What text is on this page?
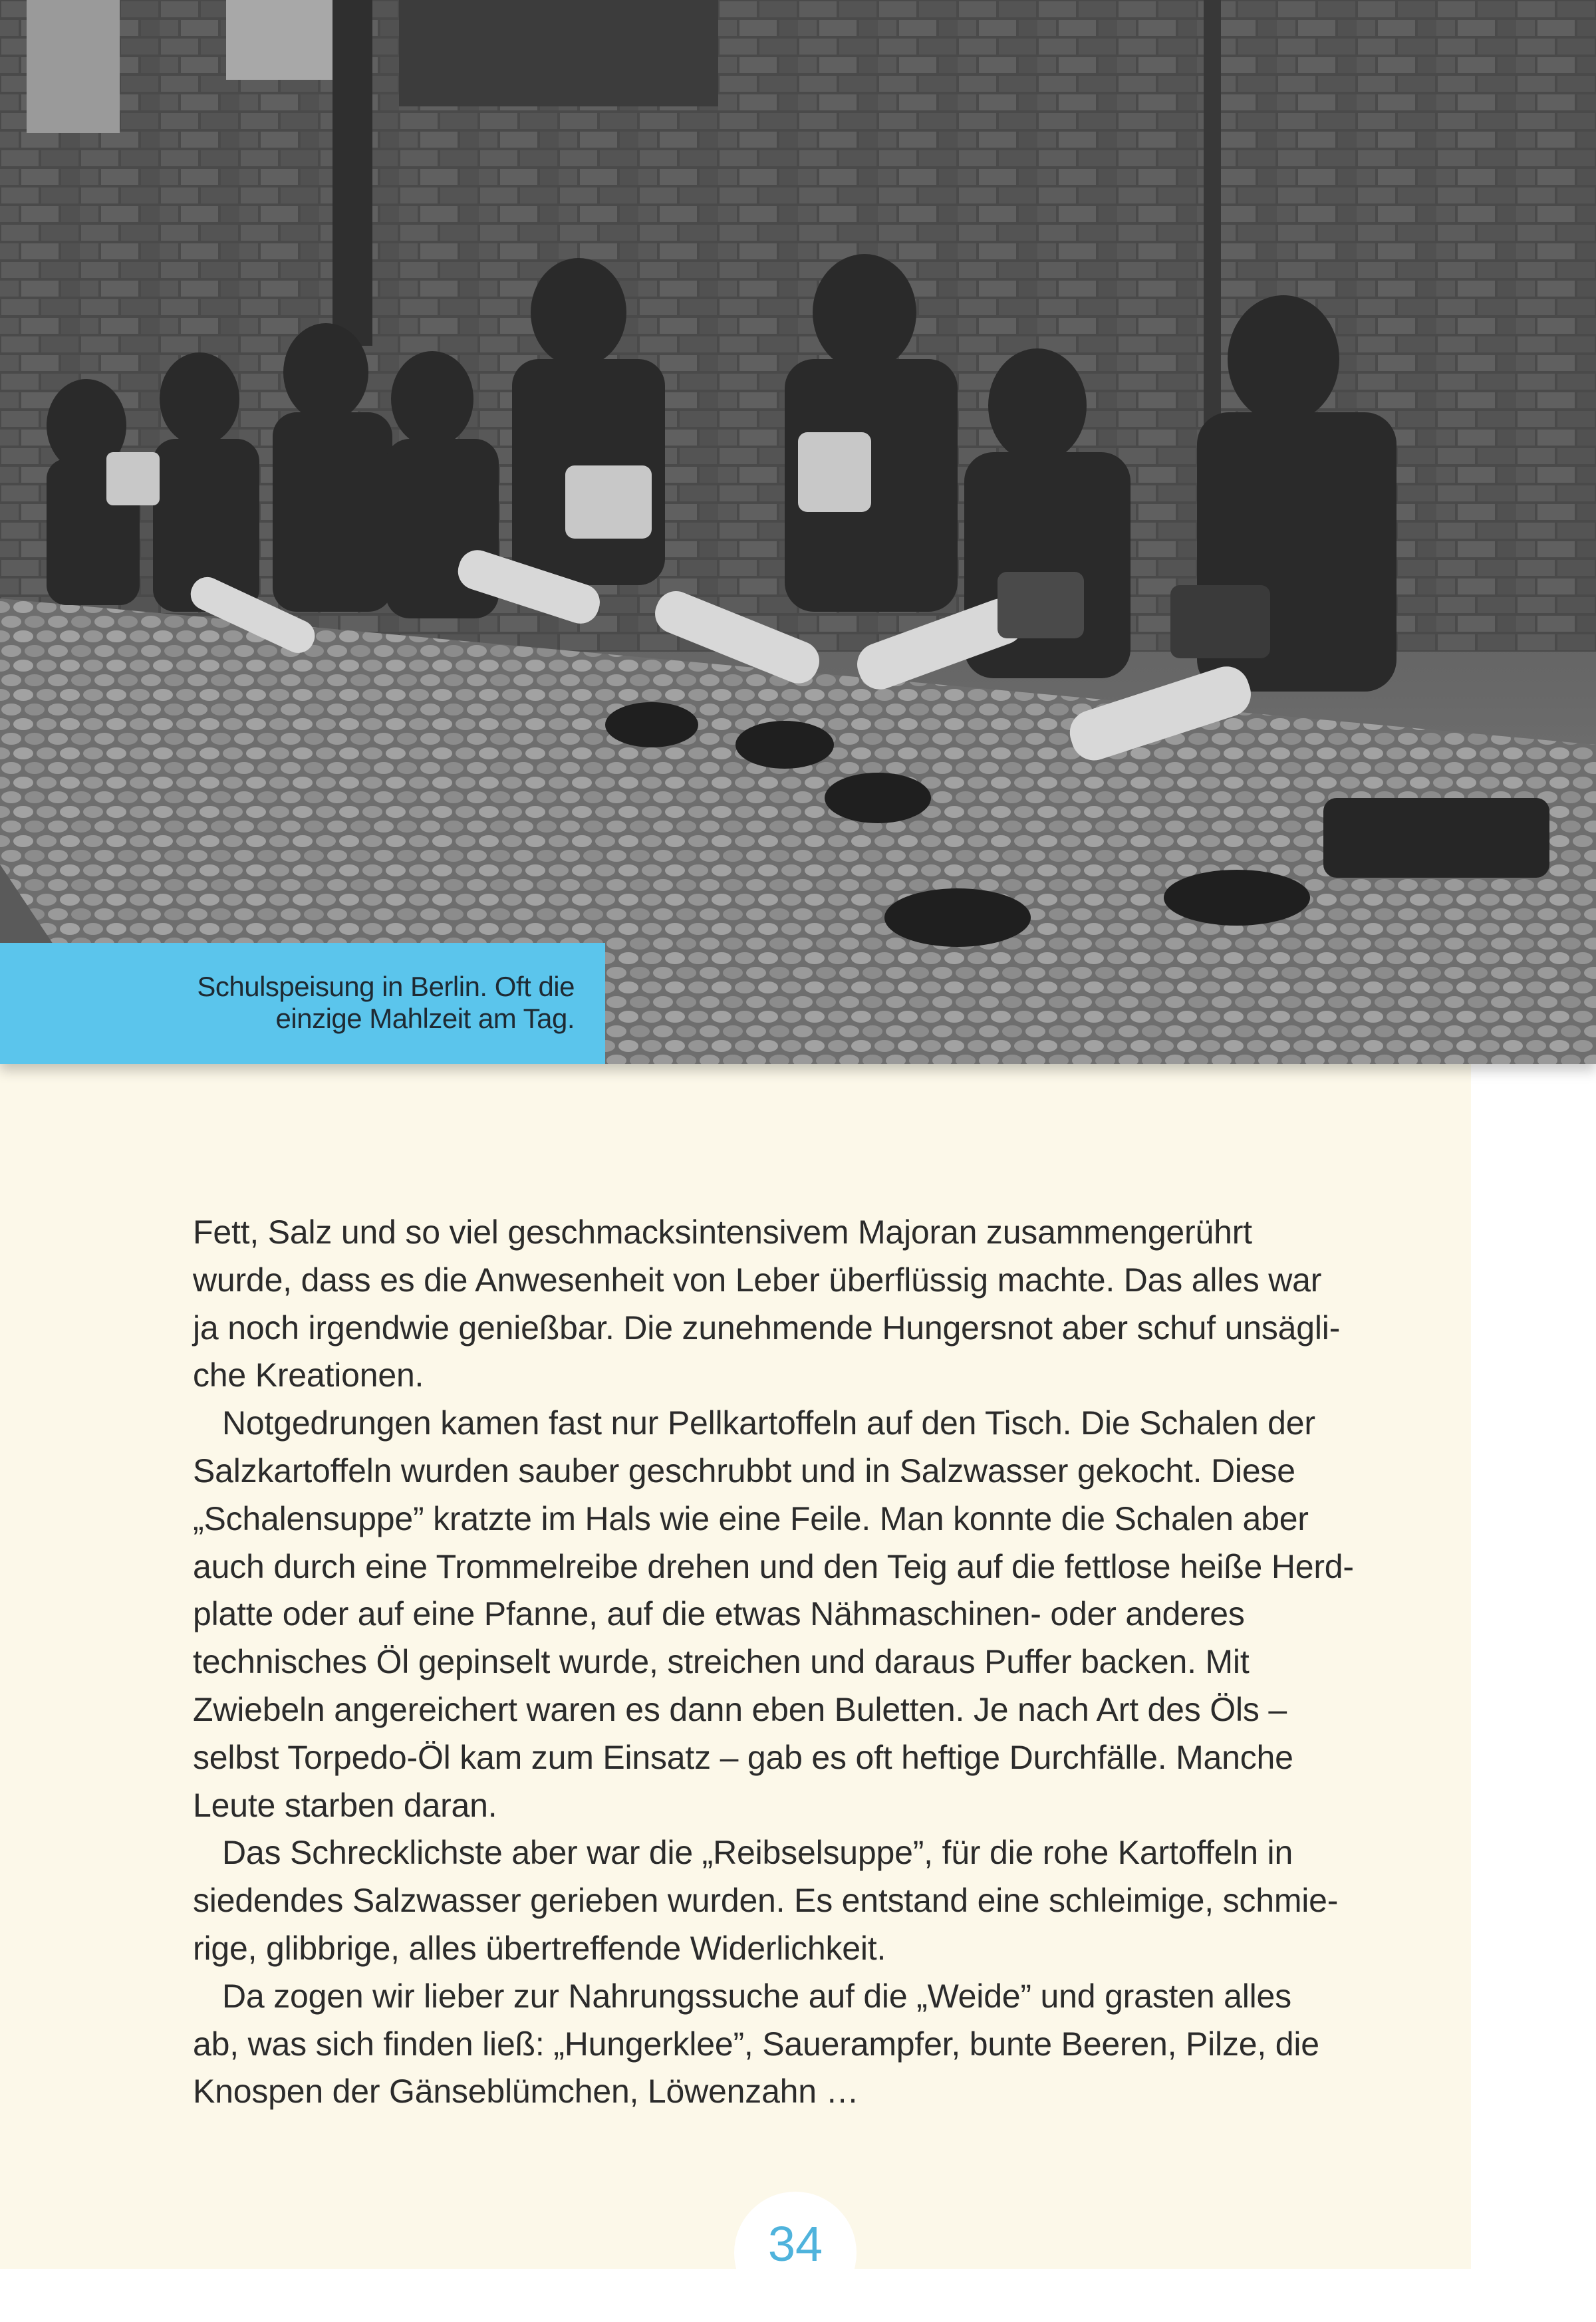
Schulspeisung in Berlin. Oft die
einzige Mahlzeit am Tag.
Fett, Salz und so viel geschmacksintensivem Majoran zusammengerührt
wurde, dass es die Anwesenheit von Leber überflüssig machte. Das alles war
ja noch irgendwie genießbar. Die zunehmende Hungersnot aber schuf unsägli-
che Kreationen.
Notgedrungen kamen fast nur Pellkartoffeln auf den Tisch. Die Schalen der
Salzkartoffeln wurden sauber geschrubbt und in Salzwasser gekocht. Diese
„Schalensuppe” kratzte im Hals wie eine Feile. Man konnte die Schalen aber
auch durch eine Trommelreibe drehen und den Teig auf die fettlose heiße Herd-
platte oder auf eine Pfanne, auf die etwas Nähmaschinen- oder anderes
technisches Öl gepinselt wurde, streichen und daraus Puffer backen. Mit
Zwiebeln angereichert waren es dann eben Buletten. Je nach Art des Öls –
selbst Torpedo-Öl kam zum Einsatz – gab es oft heftige Durchfälle. Manche
Leute starben daran.
Das Schrecklichste aber war die „Reibselsuppe”, für die rohe Kartoffeln in
siedendes Salzwasser gerieben wurden. Es entstand eine schleimige, schmie-
rige, glibbrige, alles übertreffende Widerlichkeit.
Da zogen wir lieber zur Nahrungssuche auf die „Weide” und grasten alles
ab, was sich finden ließ: „Hungerklee”, Sauerampfer, bunte Beeren, Pilze, die
Knospen der Gänseblümchen, Löwenzahn …
34
